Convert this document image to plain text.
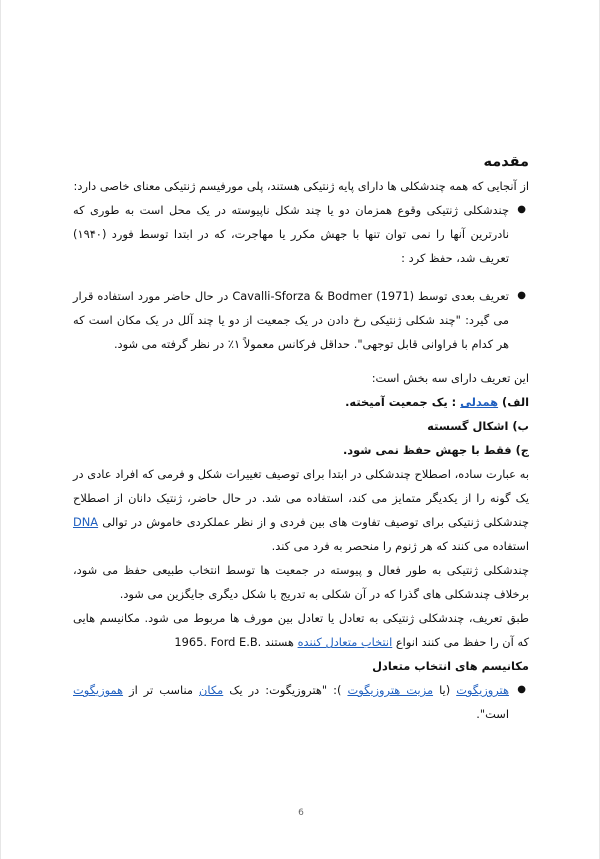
مقدمه

از آنجایی که همه چندشکلی ها دارای پایه ژنتیکی هستند، پلی مورفیسم ژنتیکی معنای خاصی دارد:

●
چندشکلی ژنتیکی وقوع همزمان دو یا چند شکل ناپیوسته در یک محل است به طوری که نادرترین آنها را نمی توان تنها با جهش مکرر یا مهاجرت، که در ابتدا توسط فورد (۱۹۴۰) تعریف شد، حفظ کرد :
●
تعریف بعدی توسط (Cavalli-Sforza & Bodmer (1971 در حال حاضر مورد استفاده قرار می گیرد: "چند شکلی ژنتیکی رخ دادن در یک جمعیت از دو یا چند آلل در یک مکان است که هر کدام با فراوانی قابل توجهی". حداقل فرکانس معمولاً ۱٪ در نظر گرفته می شود.

این تعریف دارای سه بخش است:

الف) همدلی : یک جمعیت آمیخته.

ب) اشکال گسسته

ج) فقط با جهش حفظ نمی شود.

به عبارت ساده، اصطلاح چندشکلی در ابتدا برای توصیف تغییرات شکل و فرمی که افراد عادی در یک گونه را از یکدیگر متمایز می کند، استفاده می شد. در حال حاضر، ژنتیک دانان از اصطلاح چندشکلی ژنتیکی برای توصیف تفاوت های بین فردی و از نظر عملکردی خاموش در توالی DNA استفاده می کنند که هر ژنوم را منحصر به فرد می کند.

چندشکلی ژنتیکی به طور فعال و پیوسته در جمعیت ها توسط انتخاب طبیعی حفظ می شود، برخلاف چندشکلی های گذرا که در آن شکلی به تدریج با شکل دیگری جایگزین می شود.

طبق تعریف، چندشکلی ژنتیکی به تعادل یا تعادل بین مورف ها مربوط می شود. مکانیسم هایی که آن را حفظ می کنند انواع انتخاب متعادل کننده هستند 1965. Ford E.B.

مکانیسم های انتخاب متعادل

●
هتروزیگوت (یا مزیت هتروزیگوت ): "هتروزیگوت: در یک مکان مناسب تر از هموزیگوت است".
6
